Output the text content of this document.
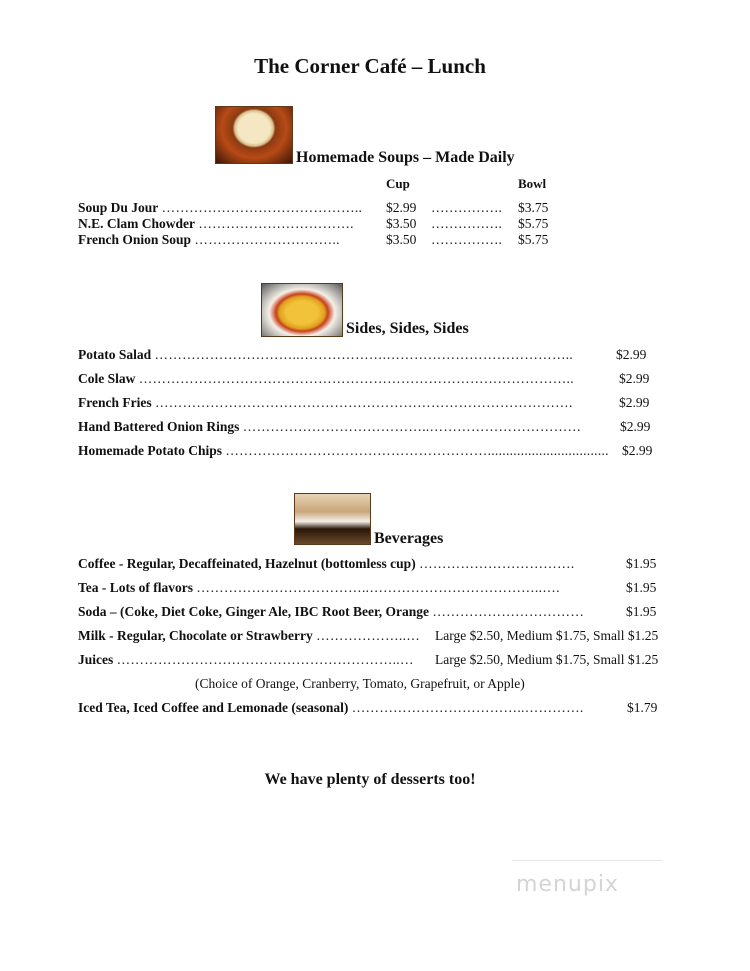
The Corner Café – Lunch
Homemade Soups – Made Daily
Cup	Bowl
Soup Du Jour …………………………………….. $2.99 ……………. $3.75
N.E. Clam Chowder ……………………………. $3.50 ……………. $5.75
French Onion Soup …………………………..	$3.50 ……………. $5.75
Sides, Sides, Sides
Potato Salad …………………………..……………….…………………………………..	$2.99
Cole Slaw …………………………………………………………………………………..	$2.99
French Fries ……………………………………………………………………………….	$2.99
Hand Battered Onion Rings …………………………………..……………………………	$2.99
Homemade Potato Chips …………………………………………………................................. $2.99
Beverages
Coffee - Regular, Decaffeinated, Hazelnut (bottomless cup) …………………………….	$1.95
Tea - Lots of flavors ………………………………..………………………………..….	$1.95
Soda – (Coke, Diet Coke, Ginger Ale, IBC Root Beer, Orange ……………………………	$1.95
Milk - Regular, Chocolate or Strawberry ………………..… Large $2.50, Medium $1.75, Small $1.25
Juices ……………………………………………………..… Large $2.50, Medium $1.75, Small $1.25
(Choice of Orange, Cranberry, Tomato, Grapefruit, or Apple)
Iced Tea, Iced Coffee and Lemonade (seasonal) ………………………………..………….	$1.79
We have plenty of desserts too!
menupix
